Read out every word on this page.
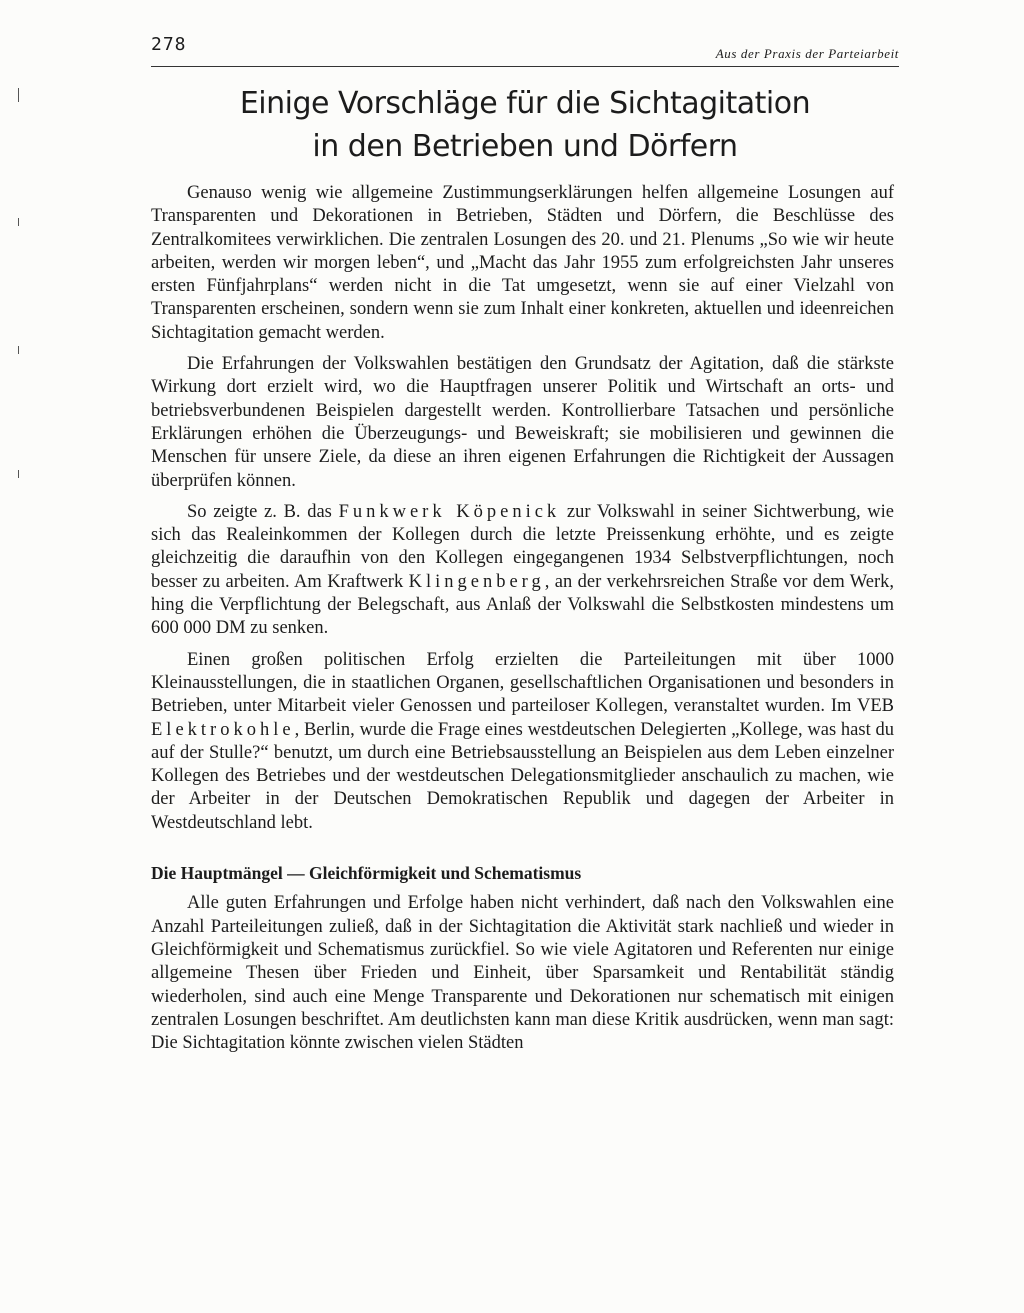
278	Aus der Praxis der Parteiarbeit
Einige Vorschläge für die Sichtagitation
in den Betrieben und Dörfern

Genauso wenig wie allgemeine Zustimmungserklärungen helfen allgemeine Losungen auf Transparenten und Dekorationen in Betrieben, Städten und Dörfern, die Beschlüsse des Zentralkomitees verwirklichen. Die zentralen Losungen des 20. und 21. Plenums „So wie wir heute arbeiten, werden wir morgen leben“, und „Macht das Jahr 1955 zum erfolgreichsten Jahr unseres ersten Fünfjahrplans“ werden nicht in die Tat umgesetzt, wenn sie auf einer Vielzahl von Transparenten erscheinen, sondern wenn sie zum Inhalt einer konkreten, aktuellen und ideenreichen Sichtagitation gemacht werden.

Die Erfahrungen der Volkswahlen bestätigen den Grundsatz der Agitation, daß die stärkste Wirkung dort erzielt wird, wo die Hauptfragen unserer Politik und Wirtschaft an orts- und betriebsverbundenen Beispielen dargestellt werden. Kontrollierbare Tatsachen und persönliche Erklärungen erhöhen die Überzeugungs- und Beweiskraft; sie mobilisieren und gewinnen die Menschen für unsere Ziele, da diese an ihren eigenen Erfahrungen die Richtigkeit der Aussagen überprüfen können.

So zeigte z. B. das Funkwerk Köpenick zur Volkswahl in seiner Sichtwerbung, wie sich das Realeinkommen der Kollegen durch die letzte Preissenkung erhöhte, und es zeigte gleichzeitig die daraufhin von den Kollegen eingegangenen 1934 Selbstverpflichtungen, noch besser zu arbeiten. Am Kraftwerk Klingenberg, an der verkehrsreichen Straße vor dem Werk, hing die Verpflichtung der Belegschaft, aus Anlaß der Volkswahl die Selbstkosten mindestens um 600 000 DM zu senken.

Einen großen politischen Erfolg erzielten die Parteileitungen mit über 1000 Kleinausstellungen, die in staatlichen Organen, gesellschaftlichen Organisationen und besonders in Betrieben, unter Mitarbeit vieler Genossen und parteiloser Kollegen, veranstaltet wurden. Im VEB Elektrokohle, Berlin, wurde die Frage eines westdeutschen Delegierten „Kollege, was hast du auf der Stulle?“ benutzt, um durch eine Betriebsausstellung an Beispielen aus dem Leben einzelner Kollegen des Betriebes und der westdeutschen Delegationsmitglieder anschaulich zu machen, wie der Arbeiter in der Deutschen Demokratischen Republik und dagegen der Arbeiter in Westdeutschland lebt.

Die Hauptmängel — Gleichförmigkeit und Schematismus

Alle guten Erfahrungen und Erfolge haben nicht verhindert, daß nach den Volkswahlen eine Anzahl Parteileitungen zuließ, daß in der Sichtagitation die Aktivität stark nachließ und wieder in Gleichförmigkeit und Schematismus zurückfiel. So wie viele Agitatoren und Referenten nur einige allgemeine Thesen über Frieden und Einheit, über Sparsamkeit und Rentabilität ständig wiederholen, sind auch eine Menge Transparente und Dekorationen nur schematisch mit einigen zentralen Losungen beschriftet. Am deutlichsten kann man diese Kritik ausdrücken, wenn man sagt: Die Sichtagitation könnte zwischen vielen Städten
